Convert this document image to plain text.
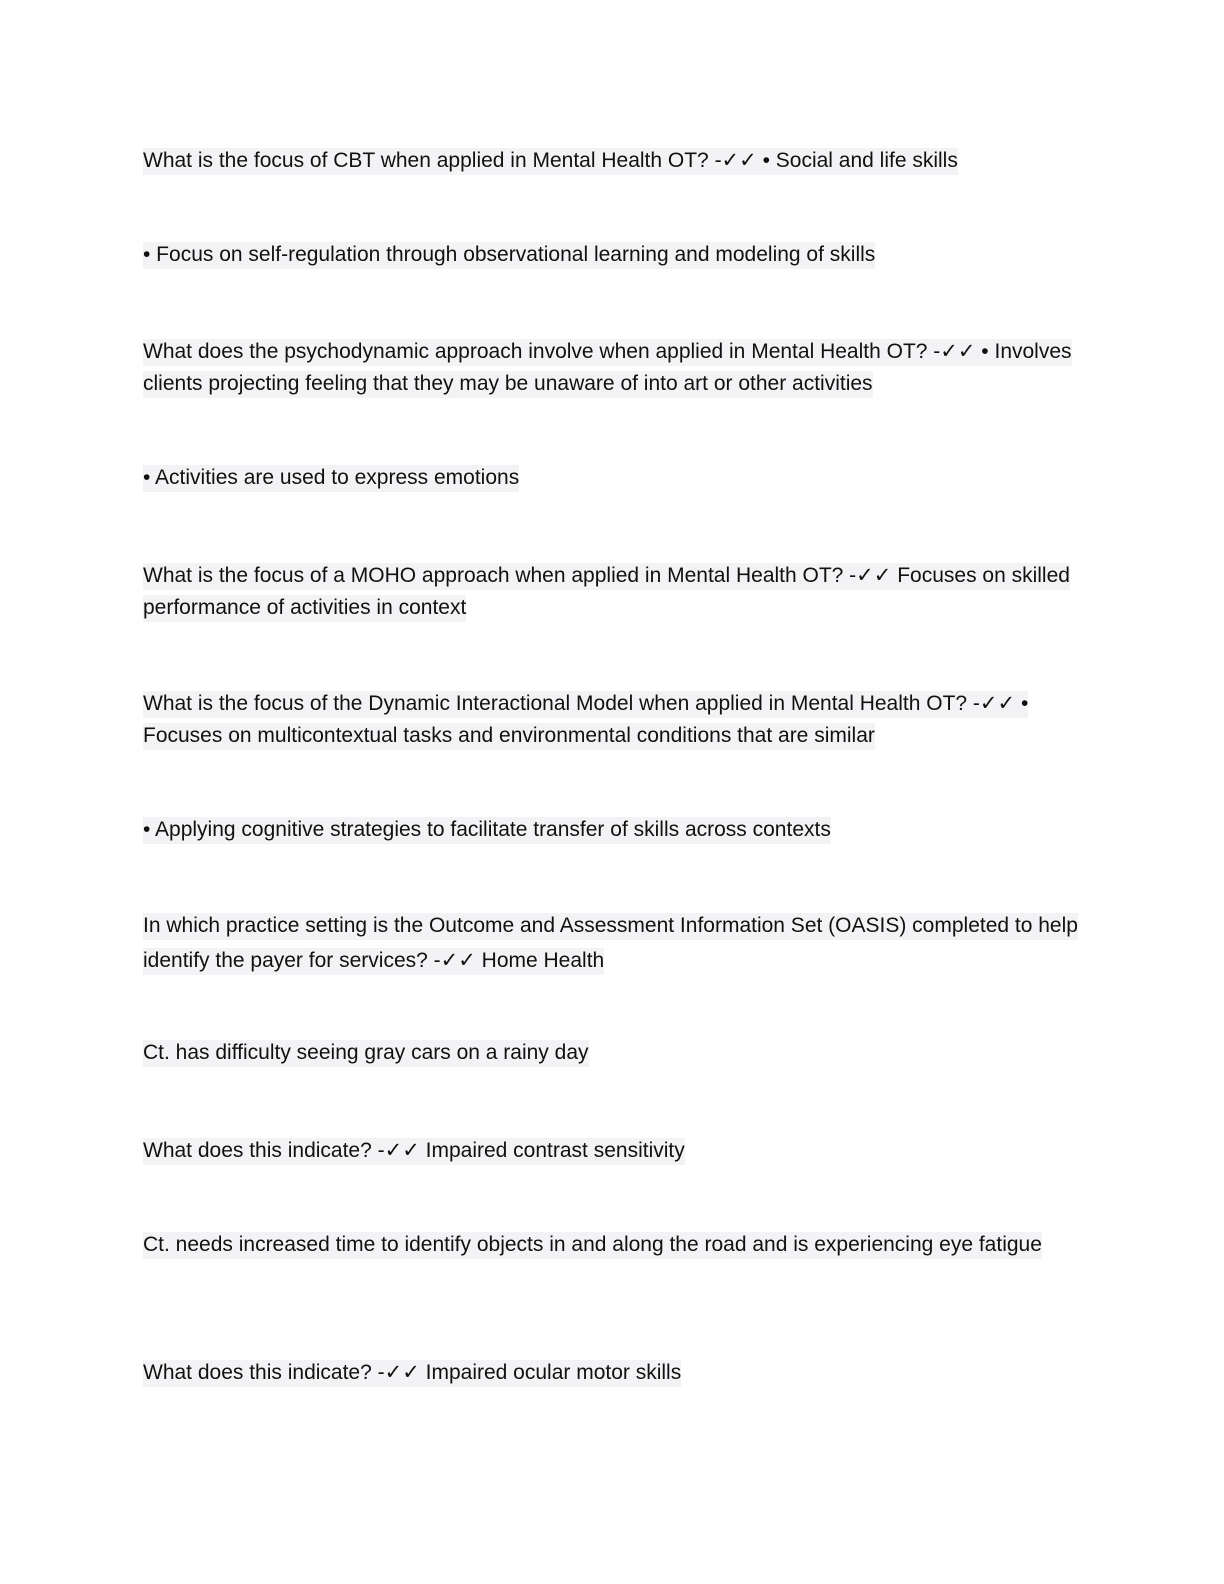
What is the focus of CBT when applied in Mental Health OT? -✓✓ • Social and life skills

• Focus on self-regulation through observational learning and modeling of skills

What does the psychodynamic approach involve when applied in Mental Health OT? -✓✓ • Involves clients projecting feeling that they may be unaware of into art or other activities

• Activities are used to express emotions

What is the focus of a MOHO approach when applied in Mental Health OT? -✓✓ Focuses on skilled performance of activities in context

What is the focus of the Dynamic Interactional Model when applied in Mental Health OT? -✓✓ • Focuses on multicontextual tasks and environmental conditions that are similar

• Applying cognitive strategies to facilitate transfer of skills across contexts

In which practice setting is the Outcome and Assessment Information Set (OASIS) completed to help identify the payer for services? -✓✓ Home Health

Ct. has difficulty seeing gray cars on a rainy day

What does this indicate? -✓✓ Impaired contrast sensitivity

Ct. needs increased time to identify objects in and along the road and is experiencing eye fatigue

What does this indicate? -✓✓ Impaired ocular motor skills
